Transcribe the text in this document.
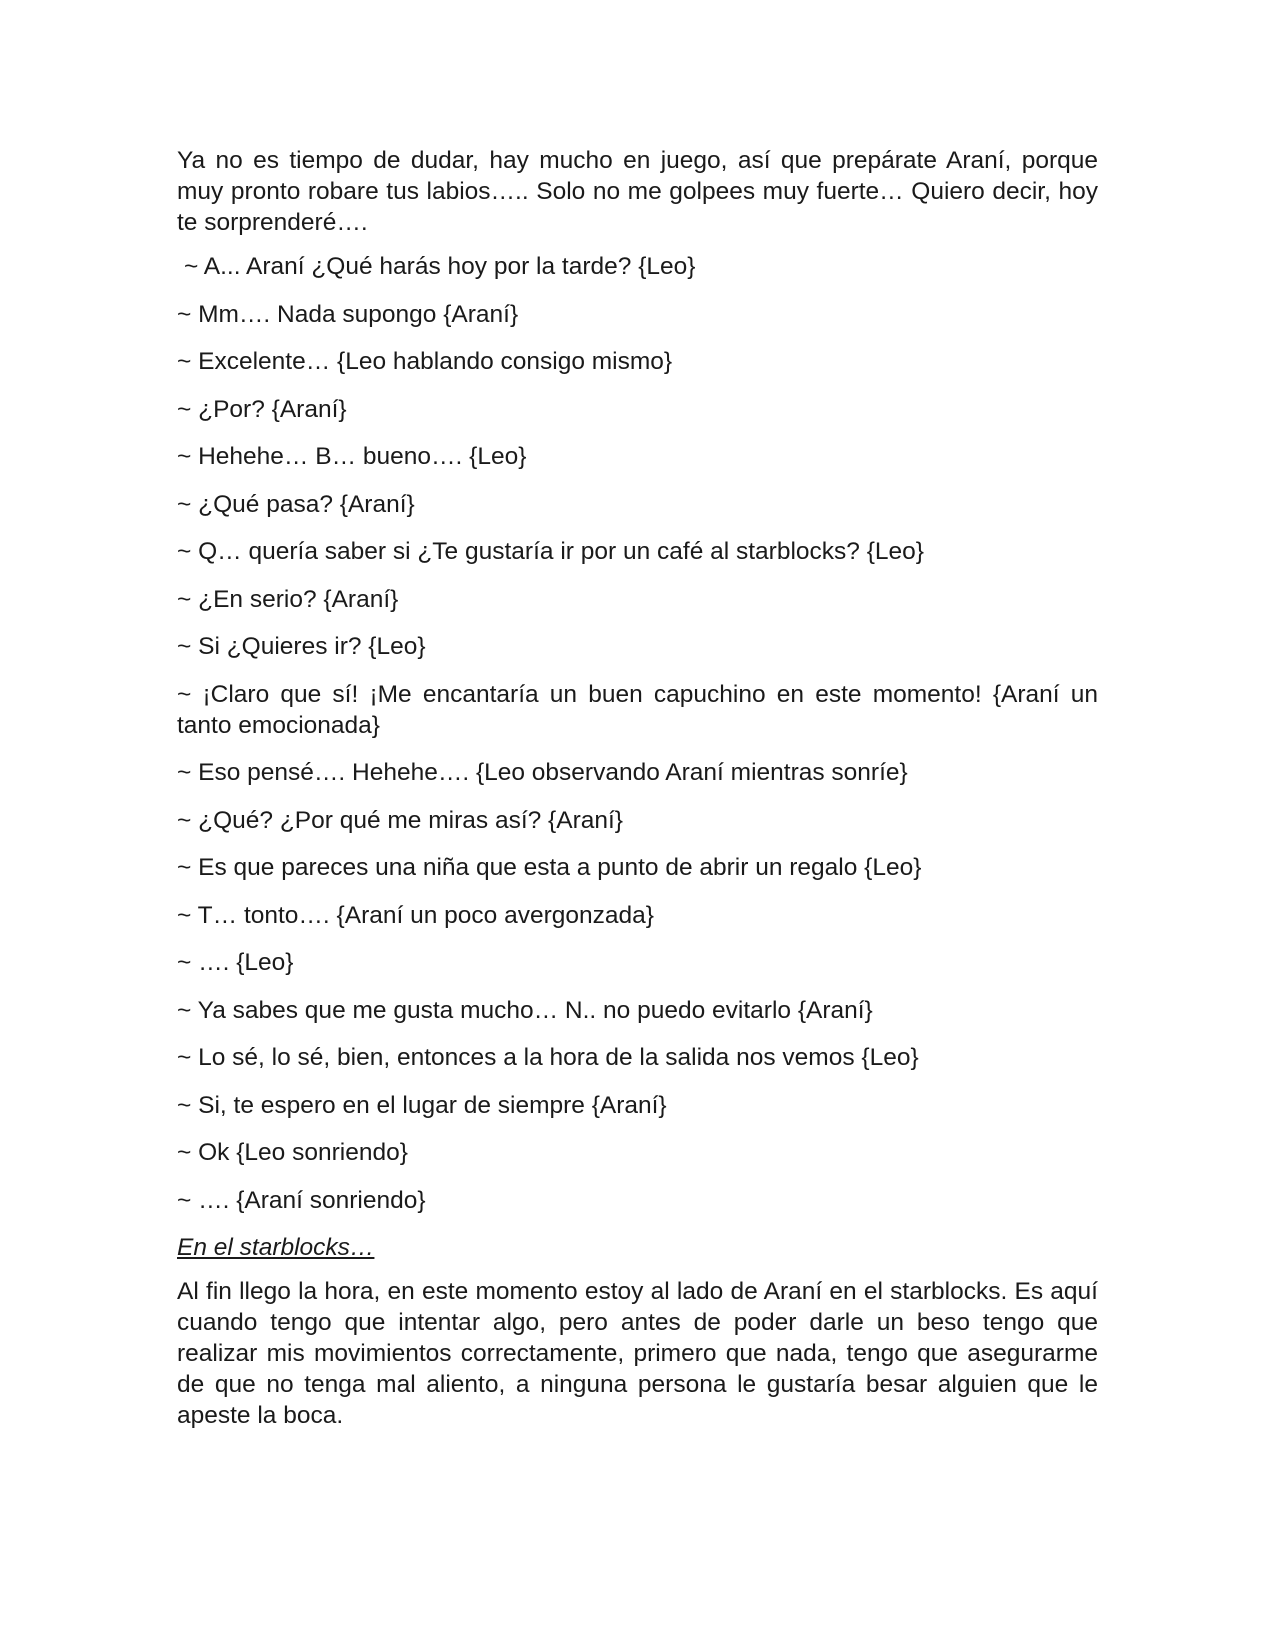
Ya no es tiempo de dudar, hay mucho en juego, así que prepárate Araní, porque muy pronto robare tus labios….. Solo no me golpees muy fuerte… Quiero decir, hoy te sorprenderé….

~ A... Araní ¿Qué harás hoy por la tarde? {Leo}

~ Mm…. Nada supongo {Araní}

~ Excelente… {Leo hablando consigo mismo}

~ ¿Por? {Araní}

~ Hehehe… B… bueno…. {Leo}

~ ¿Qué pasa? {Araní}

~ Q… quería saber si ¿Te gustaría ir por un café al starblocks? {Leo}

~ ¿En serio? {Araní}

~ Si ¿Quieres ir? {Leo}

~ ¡Claro que sí! ¡Me encantaría un buen capuchino en este momento! {Araní un tanto emocionada}

~ Eso pensé…. Hehehe…. {Leo observando Araní mientras sonríe}

~ ¿Qué? ¿Por qué me miras así? {Araní}

~ Es que pareces una niña que esta a punto de abrir un regalo {Leo}

~ T… tonto…. {Araní un poco avergonzada}

~ …. {Leo}

~ Ya sabes que me gusta mucho… N.. no puedo evitarlo {Araní}

~ Lo sé, lo sé, bien, entonces a la hora de la salida nos vemos {Leo}

~ Si, te espero en el lugar de siempre {Araní}

~ Ok {Leo sonriendo}

~ …. {Araní sonriendo}

En el starblocks…

Al fin llego la hora, en este momento estoy al lado de Araní en el starblocks. Es aquí cuando tengo que intentar algo, pero antes de poder darle un beso tengo que realizar mis movimientos correctamente, primero que nada, tengo que asegurarme de que no tenga mal aliento, a ninguna persona le gustaría besar alguien que le apeste la boca.
